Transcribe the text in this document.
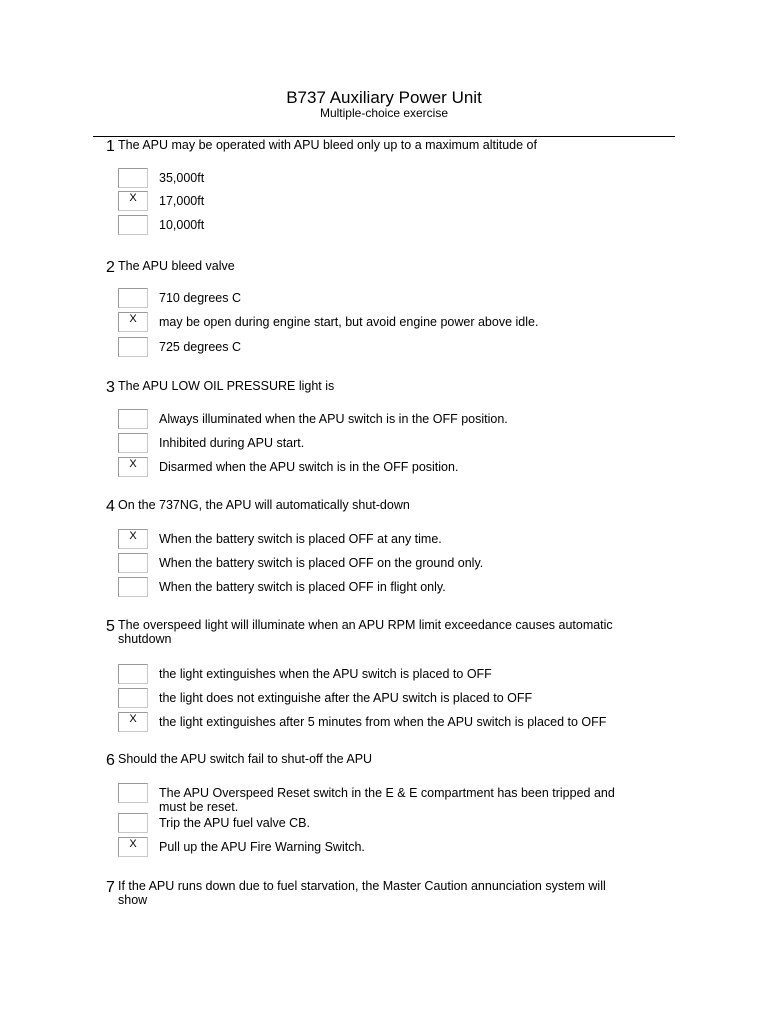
B737 Auxiliary Power Unit
Multiple-choice exercise
1 The APU may be operated with APU bleed only up to a maximum altitude of
35,000ft
X	17,000ft
10,000ft
2 The APU bleed valve
710 degrees C
X	may be open during engine start, but avoid engine power above idle.
725 degrees C
3 The APU LOW OIL PRESSURE light is
Always illuminated when the APU switch is in the OFF position.
Inhibited during APU start.
X	Disarmed when the APU switch is in the OFF position.
4 On the 737NG, the APU will automatically shut-down
X	When the battery switch is placed OFF at any time.
When the battery switch is placed OFF on the ground only.
When the battery switch is placed OFF in flight only.
5 The overspeed light will illuminate when an APU RPM limit exceedance causes automatic shutdown
the light extinguishes when the APU switch is placed to OFF
the light does not extinguishe after the APU switch is placed to OFF
X	the light extinguishes after 5 minutes from when the APU switch is placed to OFF
6 Should the APU switch fail to shut-off the APU
The APU Overspeed Reset switch in the E & E compartment has been tripped and must be reset.
Trip the APU fuel valve CB.
X	Pull up the APU Fire Warning Switch.
7 If the APU runs down due to fuel starvation, the Master Caution annunciation system will show
